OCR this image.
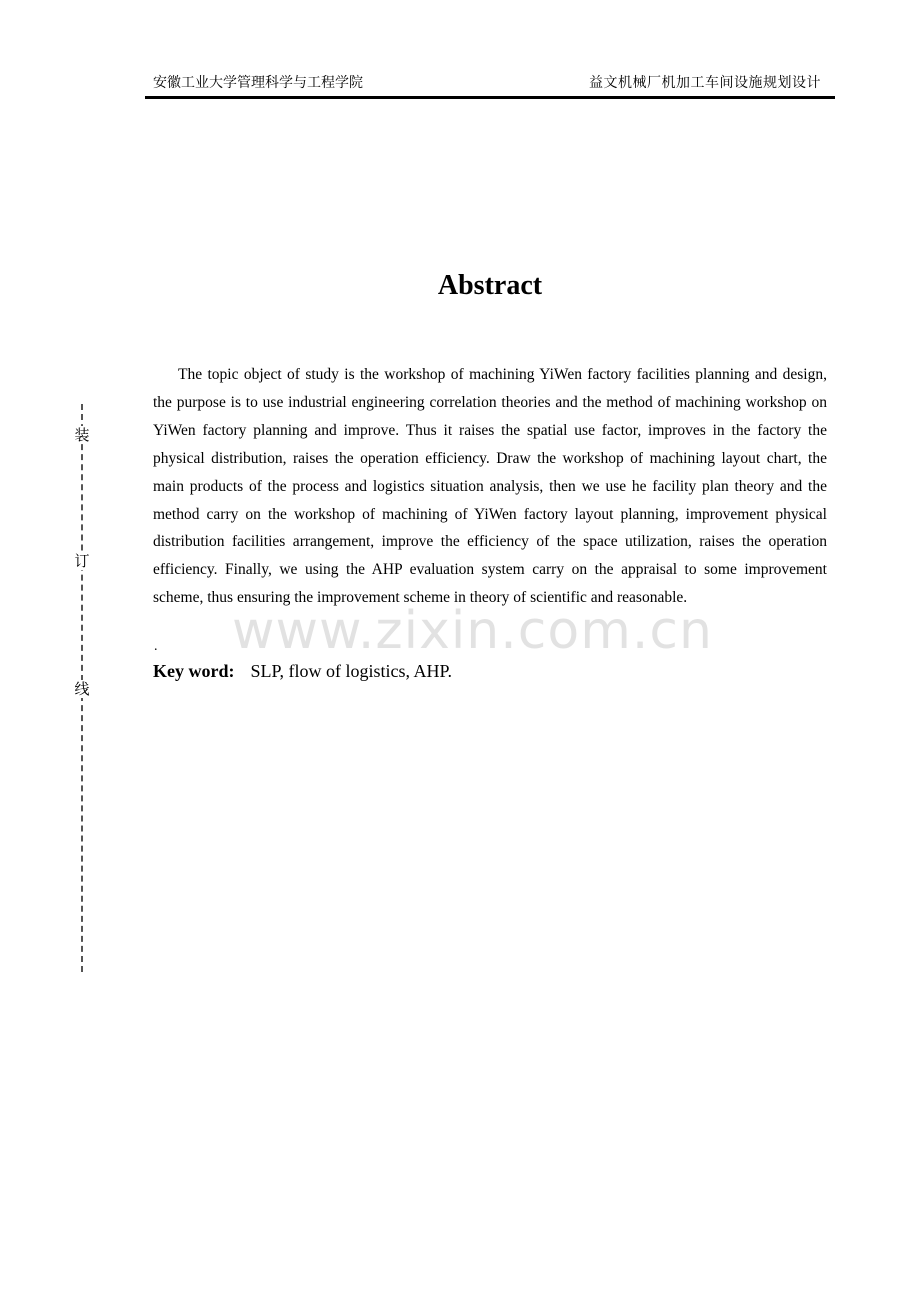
安徽工业大学管理科学与工程学院	益文机械厂机加工车间设施规划设计
装
订
线
Abstract

The topic object of study is the workshop of machining YiWen factory facilities planning and design, the purpose is to use industrial engineering correlation theories and the method of machining workshop on YiWen factory planning and improve. Thus it raises the spatial use factor, improves in the factory the physical distribution, raises the operation efficiency. Draw the workshop of machining layout chart, the main products of the process and logistics situation analysis, then we use he facility plan theory and the method carry on the workshop of machining of YiWen factory layout planning, improvement physical distribution facilities arrangement, improve the efficiency of the space utilization, raises the operation efficiency. Finally, we using the AHP evaluation system carry on the appraisal to some improvement scheme, thus ensuring the improvement scheme in theory of scientific and reasonable.

.
Key word: SLP, flow of logistics, AHP.
www.zixin.com.cn
